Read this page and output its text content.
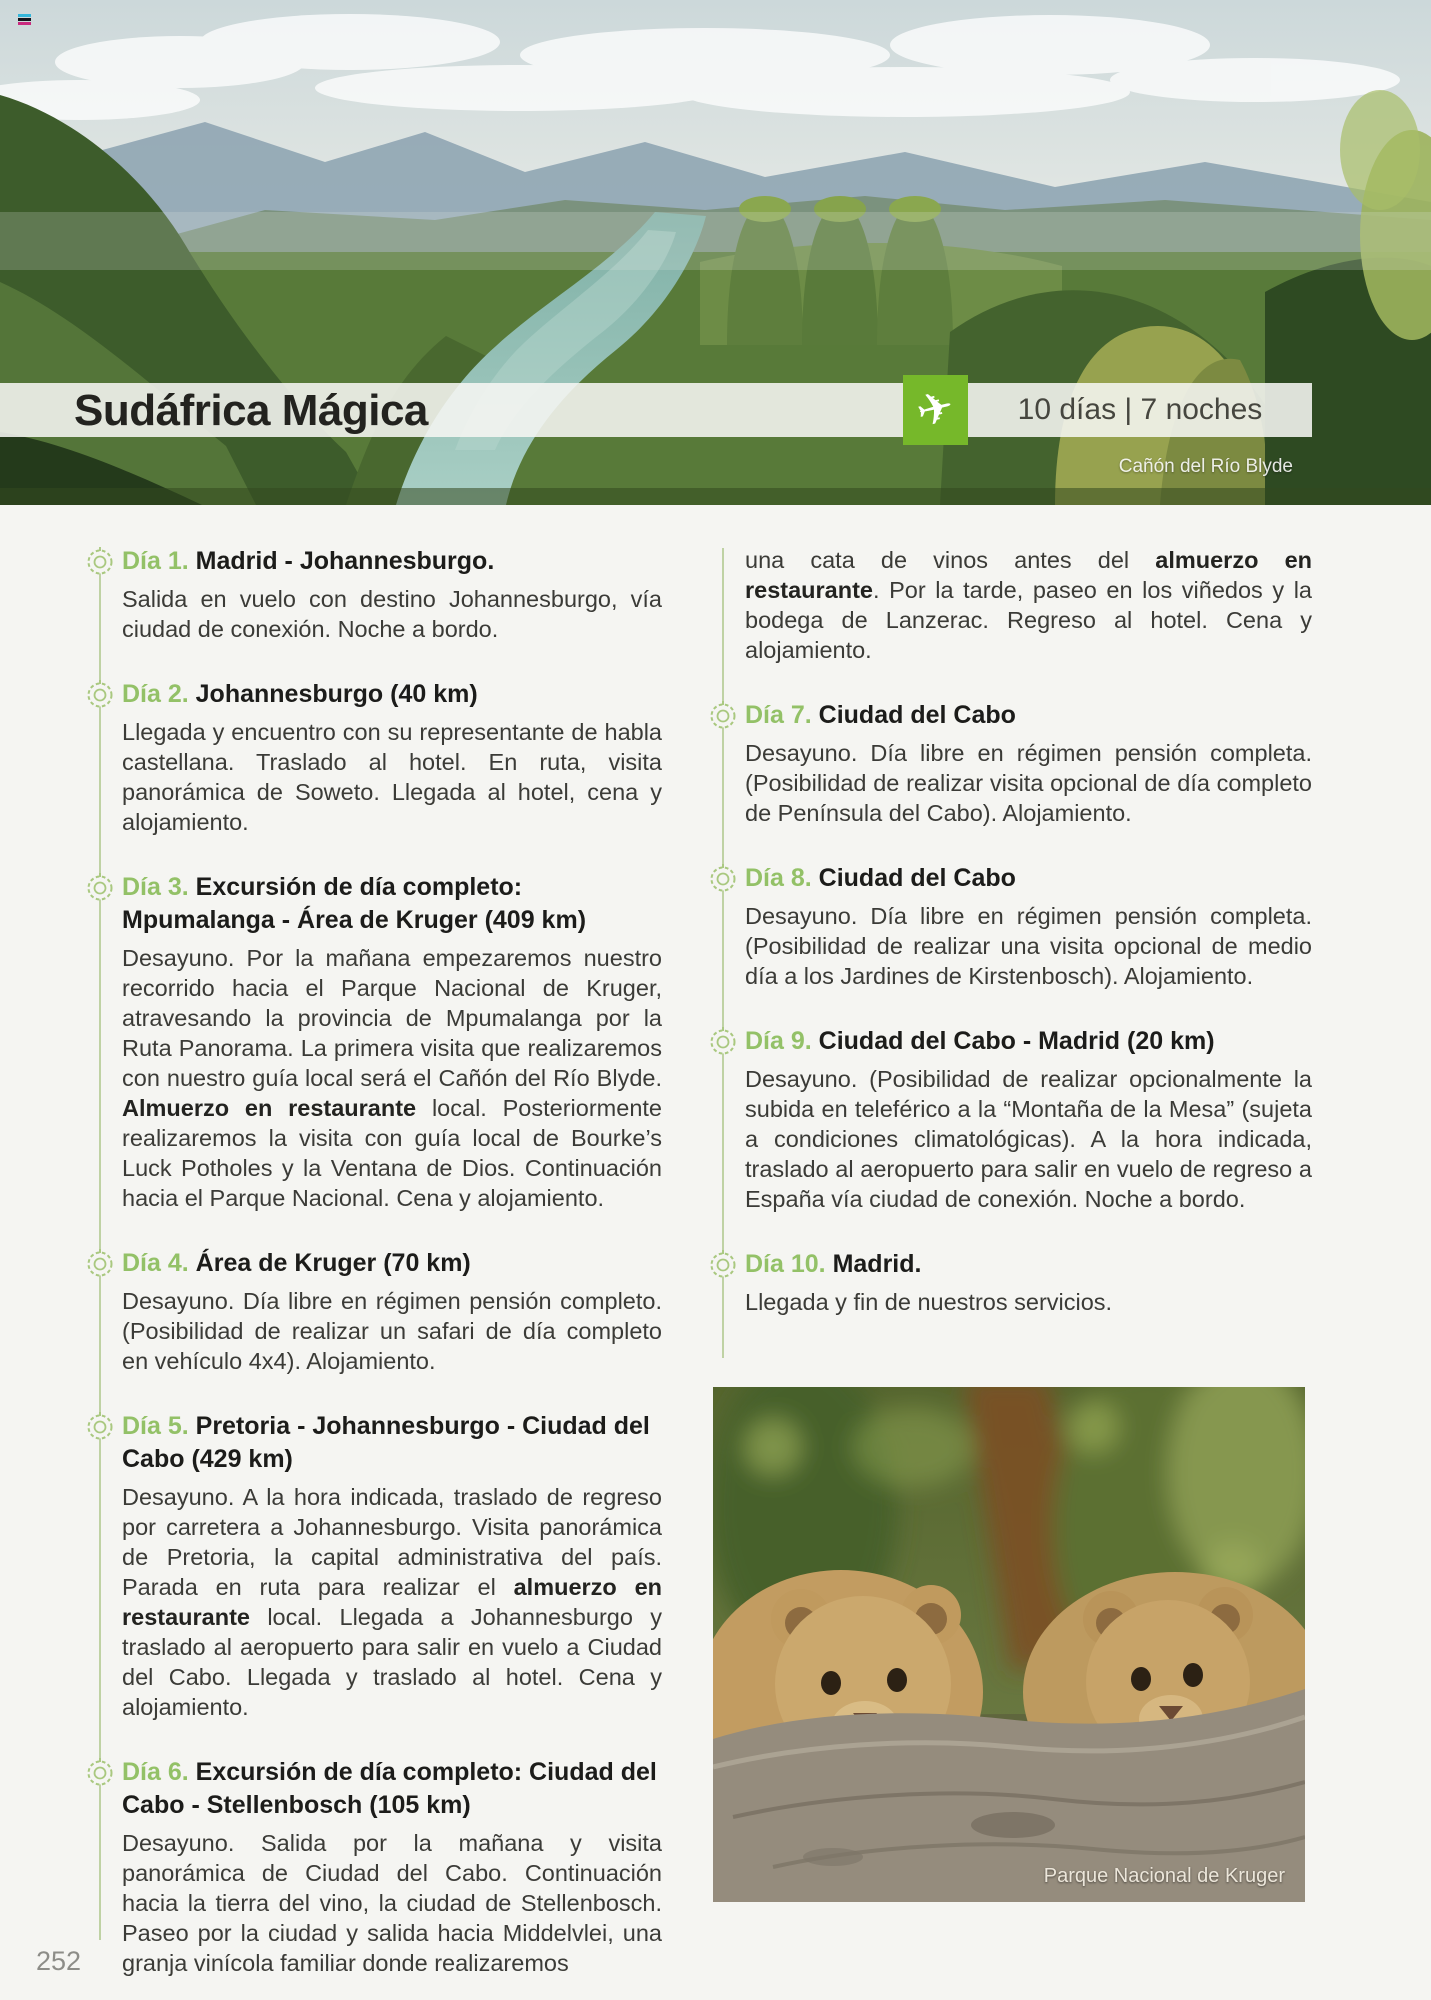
Sudáfrica Mágica	✈ 10 días | 7 noches
Cañón del Río Blyde

Día 1. Madrid - Johannesburgo.

Salida en vuelo con destino Johannesburgo, vía ciudad de conexión. Noche a bordo.

Día 2. Johannesburgo (40 km)

Llegada y encuentro con su representante de habla castellana. Traslado al hotel. En ruta, visita panorámica de Soweto. Llegada al hotel, cena y alojamiento.

Día 3. Excursión de día completo: Mpumalanga - Área de Kruger (409 km)

Desayuno. Por la mañana empezaremos nuestro recorrido hacia el Parque Nacional de Kruger, atravesando la provincia de Mpumalanga por la Ruta Panorama. La primera visita que realizaremos con nuestro guía local será el Cañón del Río Blyde. Almuerzo en restaurante local. Posteriormente realizaremos la visita con guía local de Bourke’s Luck Potholes y la Ventana de Dios. Continuación hacia el Parque Nacional. Cena y alojamiento.

Día 4. Área de Kruger (70 km)

Desayuno. Día libre en régimen pensión completo. (Posibilidad de realizar un safari de día completo en vehículo 4x4). Alojamiento.

Día 5. Pretoria - Johannesburgo - Ciudad del Cabo (429 km)

Desayuno. A la hora indicada, traslado de regreso por carretera a Johannesburgo. Visita panorámica de Pretoria, la capital administrativa del país. Parada en ruta para realizar el almuerzo en restaurante local. Llegada a Johannesburgo y traslado al aeropuerto para salir en vuelo a Ciudad del Cabo. Llegada y traslado al hotel. Cena y alojamiento.

Día 6. Excursión de día completo: Ciudad del Cabo - Stellenbosch (105 km)

Desayuno. Salida por la mañana y visita panorámica de Ciudad del Cabo. Continuación hacia la tierra del vino, la ciudad de Stellenbosch. Paseo por la ciudad y salida hacia Middelvlei, una granja vinícola familiar donde realizaremos

una cata de vinos antes del almuerzo en restaurante. Por la tarde, paseo en los viñedos y la bodega de Lanzerac. Regreso al hotel. Cena y alojamiento.

Día 7. Ciudad del Cabo

Desayuno. Día libre en régimen pensión completa. (Posibilidad de realizar visita opcional de día completo de Península del Cabo). Alojamiento.

Día 8. Ciudad del Cabo

Desayuno. Día libre en régimen pensión completa. (Posibilidad de realizar una visita opcional de medio día a los Jardines de Kirstenbosch). Alojamiento.

Día 9. Ciudad del Cabo - Madrid (20 km)

Desayuno. (Posibilidad de realizar opcionalmente la subida en teleférico a la “Montaña de la Mesa” (sujeta a condiciones climatológicas). A la hora indicada, traslado al aeropuerto para salir en vuelo de regreso a España vía ciudad de conexión. Noche a bordo.

Día 10. Madrid.

Llegada y fin de nuestros servicios.

Parque Nacional de Kruger
252
